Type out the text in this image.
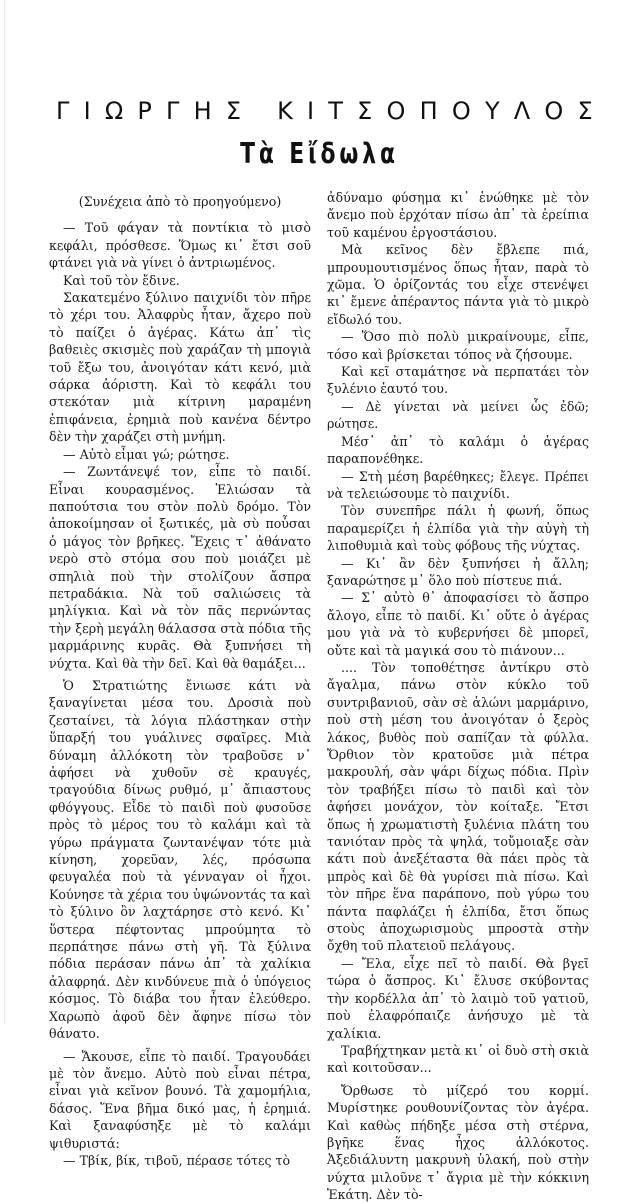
ΓΙΩΡΓΗΣ ΚΙΤΣΟΠΟΥΛΟΣ
Τὰ Εἴδωλα

(Συνέχεια ἀπὸ τὸ προηγούμενο)

— Τοῦ φάγαν τὰ ποντίκια τὸ μισὸ κεφάλι, πρόσθεσε. Ὅμως κι᾿ ἔτσι σοῦ φτάνει γιὰ νὰ γίνει ὁ ἀντριωμένος.

Καὶ τοῦ τὸν ἔδινε.

Σακατεμένο ξύλινο παιχνίδι τὸν πῆρε τὸ χέρι του. Ἀλαφρὺς ἦταν, ἄχερο ποὺ τὸ παίζει ὁ ἀγέρας. Κάτω ἀπ᾿ τὶς βαθειὲς σκισμὲς ποὺ χαράζαν τὴ μπογιὰ τοῦ ἔξω του, ἀνοιγόταν κάτι κενό, μιὰ σάρκα ἀόριστη. Καὶ τὸ κεφάλι του στεκόταν μιὰ κίτρινη μαραμένη ἐπιφάνεια, ἐρημιὰ ποὺ κανένα δέντρο δὲν τὴν χαράζει στὴ μνήμη.

— Αὐτὸ εἶμαι γώ; ρώτησε.

— Ζωντάνεψέ τον, εἶπε τὸ παιδί. Εἶναι κουρασμένος. Ἐλιώσαν τὰ παπούτσια του στὸν πολὺ δρόμο. Τὸν ἀποκοίμησαν οἱ ξωτικές, μὰ σὺ ποὖσαι ὁ μάγος τὸν βρῆκες. Ἔχεις τ᾿ ἀθάνατο νερὸ στὸ στόμα σου ποὺ μοιάζει μὲ σπηλιὰ ποὺ τὴν στολίζουν ἄσπρα πετραδάκια. Νὰ τοῦ σαλιώσεις τὰ μηλίγκια. Καὶ νὰ τὸν πᾶς περνώντας τὴν ξερὴ μεγάλη θάλασσα στὰ πόδια τῆς μαρμάρινης κυρᾶς. Θὰ ξυπνήσει τὴ νύχτα. Καὶ θὰ τὴν δεῖ. Καὶ θὰ θαμάξει...

Ὁ Στρατιώτης ἔνιωσε κάτι νὰ ξαναγίνεται μέσα του. Δροσιὰ ποὺ ζεσταίνει, τὰ λόγια πλάστηκαν στὴν ὕπαρξή του γυάλινες σφαῖρες. Μιὰ δύναμη ἀλλόκοτη τὸν τραβοῦσε ν᾿ ἀφήσει νὰ χυθοῦν σὲ κραυγές, τραγούδια δίνως ρυθμό, μ᾿ ἄπιαστους φθόγγους. Εἶδε τὸ παιδὶ ποὺ φυσοῦσε πρὸς τὸ μέρος του τὸ καλάμι καὶ τὰ γύρω πράγματα ζωντανέψαν τότε μιὰ κίνηση, χορεῦαν, λές, πρόσωπα φευγαλέα ποὺ τὰ γένναγαν οἱ ἦχοι. Κούνησε τὰ χέρια του ὑψώνοντάς τα καὶ τὸ ξύλινο ὂν λαχτάρησε στὸ κενό. Κι᾿ ὕστερα πέφτοντας μπρούμητα τὸ περπάτησε πάνω στὴ γῆ. Τὰ ξύλινα πόδια περάσαν πάνω ἀπ᾿ τὰ χαλίκια ἀλαφρηά. Δὲν κινδύνευε πιὰ ὁ ὑπόγειος κόσμος. Τὸ διάβα του ἦταν ἐλεύθερο. Χαρωπὸ ἀφοῦ δὲν ἄφηνε πίσω τὸν θάνατο.

— Ἄκουσε, εἶπε τὸ παιδί. Τραγουδάει μὲ τὸν ἄνεμο. Αὐτὸ ποὺ εἶναι πέτρα, εἶναι γιὰ κεῖνον βουνό. Τὰ χαμομήλια, δάσος. Ἕνα βῆμα δικό μας, ἡ ἐρημιά. Καὶ ξαναφύσηξε μὲ τὸ καλάμι ψιθυριστά:

— Τβίκ, βίκ, τιβοῦ, πέρασε τότες τὸ

ἀδύναμο φύσημα κι᾿ ἑνώθηκε μὲ τὸν ἄνεμο ποὺ ἐρχόταν πίσω ἀπ᾿ τὰ ἐρείπια τοῦ καμένου ἐργοστάσιου.

Μὰ κεῖνος δὲν ἔβλεπε πιά, μπρουμουτισμένος ὅπως ἦταν, παρὰ τὸ χῶμα. Ὁ ὁρίζοντάς του εἶχε στενέψει κι᾿ ἔμενε ἀπέραντος πάντα γιὰ τὸ μικρὸ εἴδωλό του.

— Ὅσο πιὸ πολὺ μικραίνουμε, εἶπε, τόσο καὶ βρίσκεται τόπος νὰ ζήσουμε.

Καὶ κεῖ σταμάτησε νὰ περπατάει τὸν ξυλένιο ἑαυτό του.

— Δὲ γίνεται νὰ μείνει ὧς ἐδῶ; ρώτησε.

Μέσ᾿ ἀπ᾿ τὸ καλάμι ὁ ἀγέρας παραπονέθηκε.

— Στὴ μέση βαρέθηκες; ἔλεγε. Πρέπει νὰ τελειώσουμε τὸ παιχνίδι.

Τὸν συνεπῆρε πάλι ἡ φωνή, ὅπως παραμερίζει ἡ ἐλπίδα γιὰ τὴν αὐγὴ τὴ λιποθυμιὰ καὶ τοὺς φόβους τῆς νύχτας.

— Κι᾿ ἂν δὲν ξυπνήσει ἡ ἄλλη; ξαναρώτησε μ᾿ ὅλο ποὺ πίστευε πιά.

— Σ᾿ αὐτὸ θ᾿ ἀποφασίσει τὸ ἄσπρο ἄλογο, εἶπε τὸ παιδί. Κι᾿ οὔτε ὁ ἀγέρας μου γιὰ νὰ τὸ κυβερνήσει δὲ μπορεῖ, οὔτε καὶ τὰ μαγικά σου τὸ πιάνουν...

.... Τὸν τοποθέτησε ἀντίκρυ στὸ ἄγαλμα, πάνω στὸν κύκλο τοῦ συντριβανιοῦ, σὰν σὲ ἁλώνι μαρμάρινο, ποὺ στὴ μέση του ἀνοιγόταν ὁ ξερὸς λάκος, βυθὸς ποὺ σαπίζαν τὰ φύλλα. Ὄρθιον τὸν κρατοῦσε μιὰ πέτρα μακρουλή, σὰν ψάρι δίχως πόδια. Πρὶν τὸν τραβήξει πίσω τὸ παιδὶ καὶ τὸν ἀφήσει μονάχον, τὸν κοίταξε. Ἔτσι ὅπως ἡ χρωματιστὴ ξυλένια πλάτη του τανιόταν πρὸς τὰ ψηλά, τοὔμοιαξε σὰν κάτι ποὺ ἀνεξέταστα θὰ πάει πρὸς τὰ μπρὸς καὶ δὲ θὰ γυρίσει πιὰ πίσω. Καὶ τὸν πῆρε ἕνα παράπονο, ποὺ γύρω του πάντα παφλάζει ἡ ἐλπίδα, ἔτσι ὅπως στοὺς ἀποχωρισμοὺς μπροστὰ στὴν ὄχθη τοῦ πλατειοῦ πελάγους.

— Ἔλα, εἶχε πεῖ τὸ παιδί. Θὰ βγεῖ τώρα ὁ ἄσπρος. Κι᾿ ἔλυσε σκύβοντας τὴν κορδέλλα ἀπ᾿ τὸ λαιμὸ τοῦ γατιοῦ, ποὺ ἐλαφρόπαιζε ἀνήσυχο μὲ τὰ χαλίκια.

Τραβήχτηκαν μετὰ κι᾿ οἱ δυὸ στὴ σκιὰ καὶ κοιτοῦσαν...

Ὄρθωσε τὸ μίζερό του κορμί. Μυρίστηκε ρουθουνίζοντας τὸν ἀγέρα. Καὶ καθὼς πήδηξε μέσα στὴ στέρνα, βγῆκε ἕνας ἦχος ἀλλόκοτος. Ἀξεδιάλυντη μακρυνὴ ὑλακή, ποὺ στὴν νύχτα μιλοῦνε τ᾿ ἄγρια μὲ τὴν κόκκινη Ἑκάτη. Δὲν τὸ-
